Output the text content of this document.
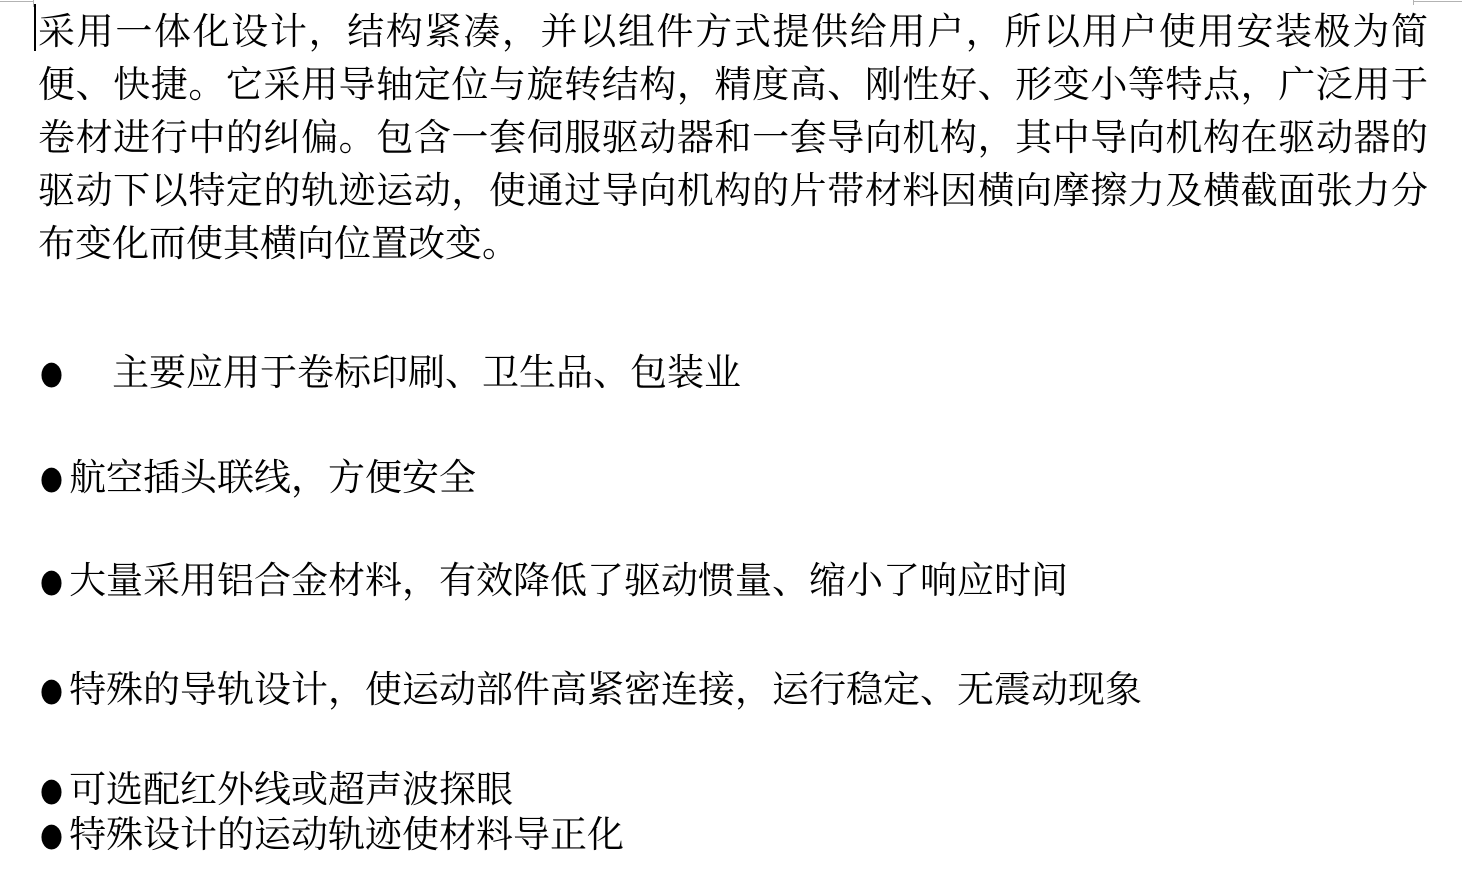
采用一体化设计，结构紧凑，并以组件方式提供给用户，所以用户使用安装极为简便、快捷。它采用导轴定位与旋转结构，精度高、刚性好、形变小等特点，广泛用于卷材进行中的纠偏。包含一套伺服驱动器和一套导向机构，其中导向机构在驱动器的驱动下以特定的轨迹运动，使通过导向机构的片带材料因横向摩擦力及横截面张力分布变化而使其横向位置改变。
● 主要应用于卷标印刷、卫生品、包装业
● 航空插头联线，方便安全
● 大量采用铝合金材料，有效降低了驱动惯量、缩小了响应时间
● 特殊的导轨设计，使运动部件高紧密连接，运行稳定、无震动现象
● 可选配红外线或超声波探眼
● 特殊设计的运动轨迹使材料导正化
